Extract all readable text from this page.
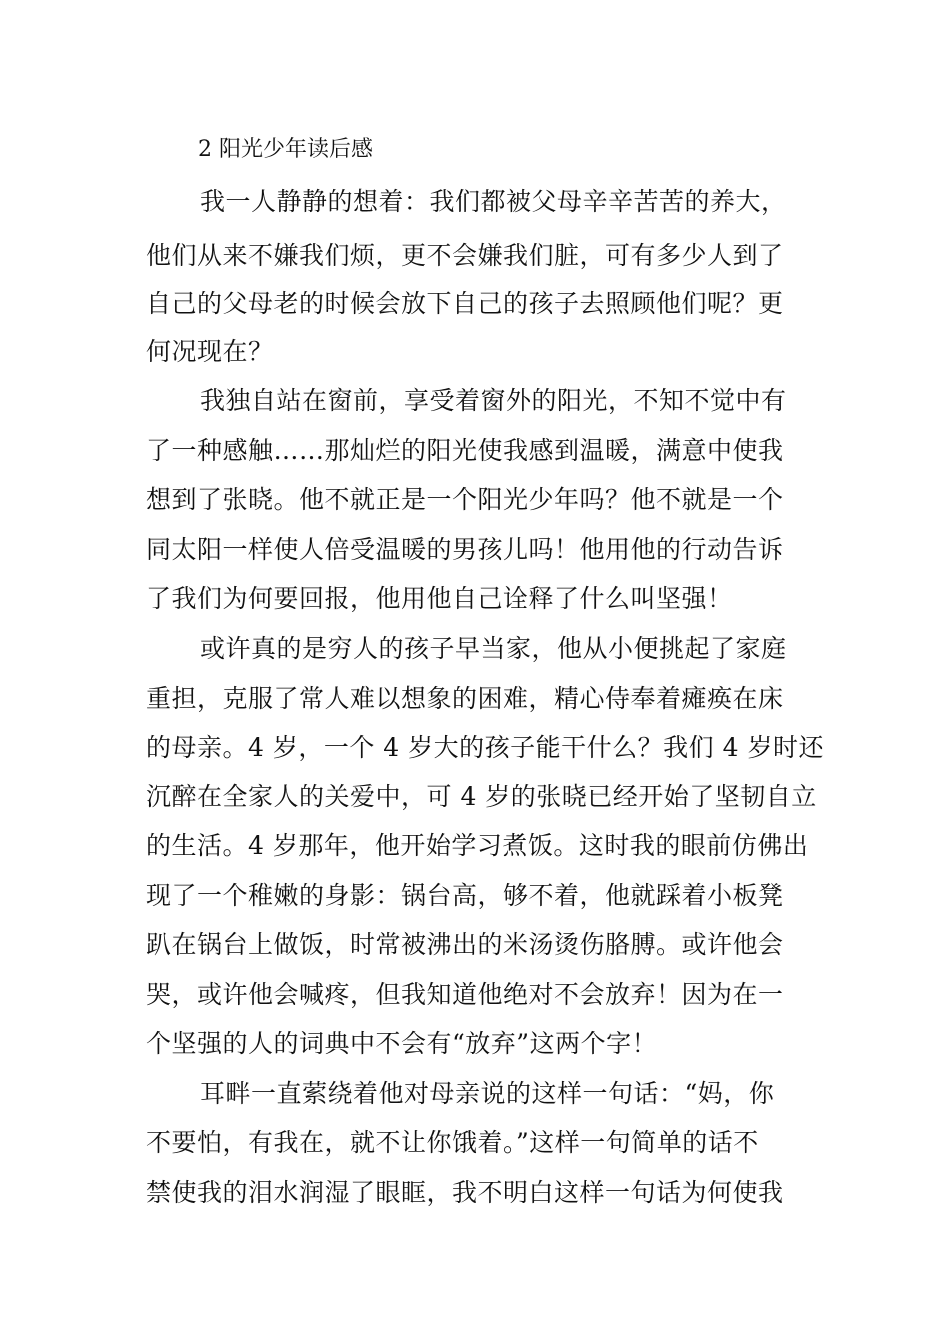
2 阳光少年读后感
我一人静静的想着：我们都被父母辛辛苦苦的养大，
他们从来不嫌我们烦，更不会嫌我们脏，可有多少人到了
自己的父母老的时候会放下自己的孩子去照顾他们呢？更
何况现在？
我独自站在窗前，享受着窗外的阳光，不知不觉中有
了一种感触……那灿烂的阳光使我感到温暖，满意中使我
想到了张晓。他不就正是一个阳光少年吗？他不就是一个
同太阳一样使人倍受温暖的男孩儿吗！他用他的行动告诉
了我们为何要回报，他用他自己诠释了什么叫坚强！
或许真的是穷人的孩子早当家，他从小便挑起了家庭
重担，克服了常人难以想象的困难，精心侍奉着瘫痪在床
的母亲。4 岁，一个 4 岁大的孩子能干什么？我们 4 岁时还
沉醉在全家人的关爱中，可 4 岁的张晓已经开始了坚韧自立
的生活。4 岁那年，他开始学习煮饭。这时我的眼前仿佛出
现了一个稚嫩的身影：锅台高，够不着，他就踩着小板凳
趴在锅台上做饭，时常被沸出的米汤烫伤胳膊。或许他会
哭，或许他会喊疼，但我知道他绝对不会放弃！因为在一
个坚强的人的词典中不会有“放弃”这两个字！
耳畔一直萦绕着他对母亲说的这样一句话：“妈，你
不要怕，有我在，就不让你饿着。”这样一句简单的话不
禁使我的泪水润湿了眼眶，我不明白这样一句话为何使我
